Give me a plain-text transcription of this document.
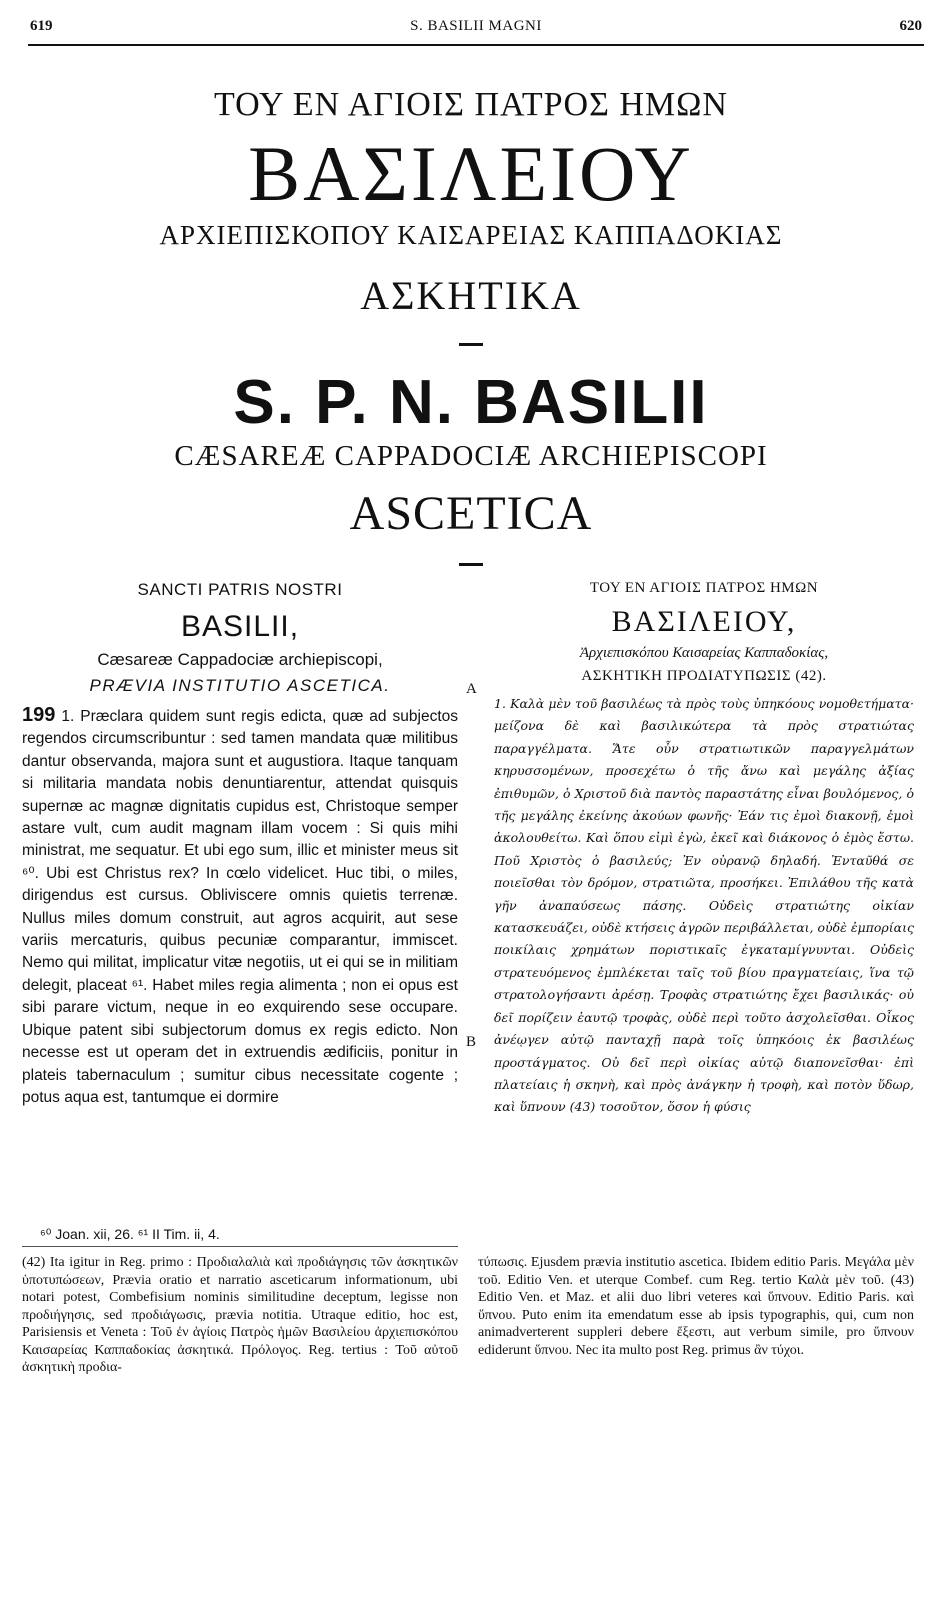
619	S. BASILII MAGNI	620
ΤΟΥ ΕΝ ΑΓΙΟΙΣ ΠΑΤΡΟΣ ΗΜΩΝ
ΒΑΣΙΛΕΙΟΥ
ΑΡΧΙΕΠΙΣΚΟΠΟΥ ΚΑΙΣΑΡΕΙΑΣ ΚΑΠΠΑΔΟΚΙΑΣ
ΑΣΚΗΤΙΚΑ
S. P. N. BASILII
CÆSAREÆ CAPPADOCIÆ ARCHIEPISCOPI
ASCETICA

SANCTI PATRIS NOSTRI

BASILII,

Cæsareæ Cappadociæ archiepiscopi,

PRÆVIA INSTITUTIO ASCETICA.

199 1. Præclara quidem sunt regis edicta, quæ ad subjectos regendos circumscribuntur : sed tamen mandata quæ militibus dantur observanda, majora sunt et augustiora. Itaque tanquam si militaria mandata nobis denuntiarentur, attendat quisquis supernæ ac magnæ dignitatis cupidus est, Christoque semper astare vult, cum audit magnam illam vocem : Si quis mihi ministrat, me sequatur. Et ubi ego sum, illic et minister meus sit ⁶⁰. Ubi est Christus rex? In cœlo videlicet. Huc tibi, o miles, dirigendus est cursus. Obliviscere omnis quietis terrenæ. Nullus miles domum construit, aut agros acquirit, aut sese variis mercaturis, quibus pecuniæ comparantur, immiscet. Nemo qui militat, implicatur vitæ negotiis, ut ei qui se in militiam delegit, placeat ⁶¹. Habet miles regia alimenta ; non ei opus est sibi parare victum, neque in eo exquirendo sese occupare. Ubique patent sibi subjectorum domus ex regis edicto. Non necesse est ut operam det in extruendis ædificiis, ponitur in plateis tabernaculum ; sumitur cibus necessitate cogente ; potus aqua est, tantumque ei dormire

ΤΟΥ ΕΝ ΑΓΙΟΙΣ ΠΑΤΡΟΣ ΗΜΩΝ

ΒΑΣΙΛΕΙΟΥ,

Ἀρχιεπισκόπου Καισαρείας Καππαδοκίας,

ΑΣΚΗΤΙΚΗ ΠΡΟΔΙΑΤΥΠΩΣΙΣ (42).

1. Καλὰ μὲν τοῦ βασιλέως τὰ πρὸς τοὺς ὑπηκόους νομοθετήματα· μείζονα δὲ καὶ βασιλικώτερα τὰ πρὸς στρατιώτας παραγγέλματα. Ἅτε οὖν στρατιωτικῶν παραγγελμάτων κηρυσσομένων, προσεχέτω ὁ τῆς ἄνω καὶ μεγάλης ἀξίας ἐπιθυμῶν, ὁ Χριστοῦ διὰ παντὸς παραστάτης εἶναι βουλόμενος, ὁ τῆς μεγάλης ἐκείνης ἀκούων φωνῆς· Ἐάν τις ἐμοὶ διακονῇ, ἐμοὶ ἀκολουθείτω. Καὶ ὅπου εἰμὶ ἐγὼ, ἐκεῖ καὶ διάκονος ὁ ἐμὸς ἔστω. Ποῦ Χριστὸς ὁ βασιλεύς; Ἐν οὐρανῷ δηλαδή. Ἐνταῦθά σε ποιεῖσθαι τὸν δρόμον, στρατιῶτα, προσήκει. Ἐπιλάθου τῆς κατὰ γῆν ἀναπαύσεως πάσης. Οὐδεὶς στρατιώτης οἰκίαν κατασκευάζει, οὐδὲ κτήσεις ἀγρῶν περιβάλλεται, οὐδὲ ἐμπορίαις ποικίλαις χρημάτων ποριστικαῖς ἐγκαταμίγνυνται. Οὐδεὶς στρατευόμενος ἐμπλέκεται ταῖς τοῦ βίου πραγματείαις, ἵνα τῷ στρατολογήσαντι ἀρέσῃ. Τροφὰς στρατιώτης ἔχει βασιλικάς· οὐ δεῖ πορίζειν ἑαυτῷ τροφὰς, οὐδὲ περὶ τοῦτο ἀσχολεῖσθαι. Οἶκος ἀνέῳγεν αὐτῷ πανταχῇ παρὰ τοῖς ὑπηκόοις ἐκ βασιλέως προστάγματος. Οὐ δεῖ περὶ οἰκίας αὐτῷ διαπονεῖσθαι· ἐπὶ πλατείαις ἡ σκηνὴ, καὶ πρὸς ἀνάγκην ἡ τροφὴ, καὶ ποτὸν ὕδωρ, καὶ ὕπνουν (43) τοσοῦτον, ὅσον ἡ φύσις

A
B
⁶⁰ Joan. xii, 26. ⁶¹ II Tim. ii, 4.

(42) Ita igitur in Reg. primo : Προδιαλαλιὰ καὶ προδιάγησις τῶν ἀσκητικῶν ὑποτυπώσεων, Prævia oratio et narratio asceticarum informationum, ubi notari potest, Combefisium nominis similitudine deceptum, legisse non προδιήγησις, sed προδιάγωσις, prævia notitia. Utraque editio, hoc est, Parisiensis et Veneta : Τοῦ ἐν ἁγίοις Πατρὸς ἡμῶν Βασιλείου ἀρχιεπισκόπου Καισαρείας Καππαδοκίας ἀσκητικά. Πρόλογος. Reg. tertius : Τοῦ αὐτοῦ ἀσκητικὴ προδια-

τύπωσις. Ejusdem prævia institutio ascetica. Ibidem editio Paris. Μεγάλα μὲν τοῦ. Editio Ven. et uterque Combef. cum Reg. tertio Καλὰ μὲν τοῦ. (43) Editio Ven. et Maz. et alii duo libri veteres καὶ ὕπνουν. Editio Paris. καὶ ὕπνου. Puto enim ita emendatum esse ab ipsis typographis, qui, cum non animadverterent suppleri debere ἔξεστι, aut verbum simile, pro ὕπνουν ediderunt ὕπνου. Nec ita multo post Reg. primus ἂν τύχοι.
